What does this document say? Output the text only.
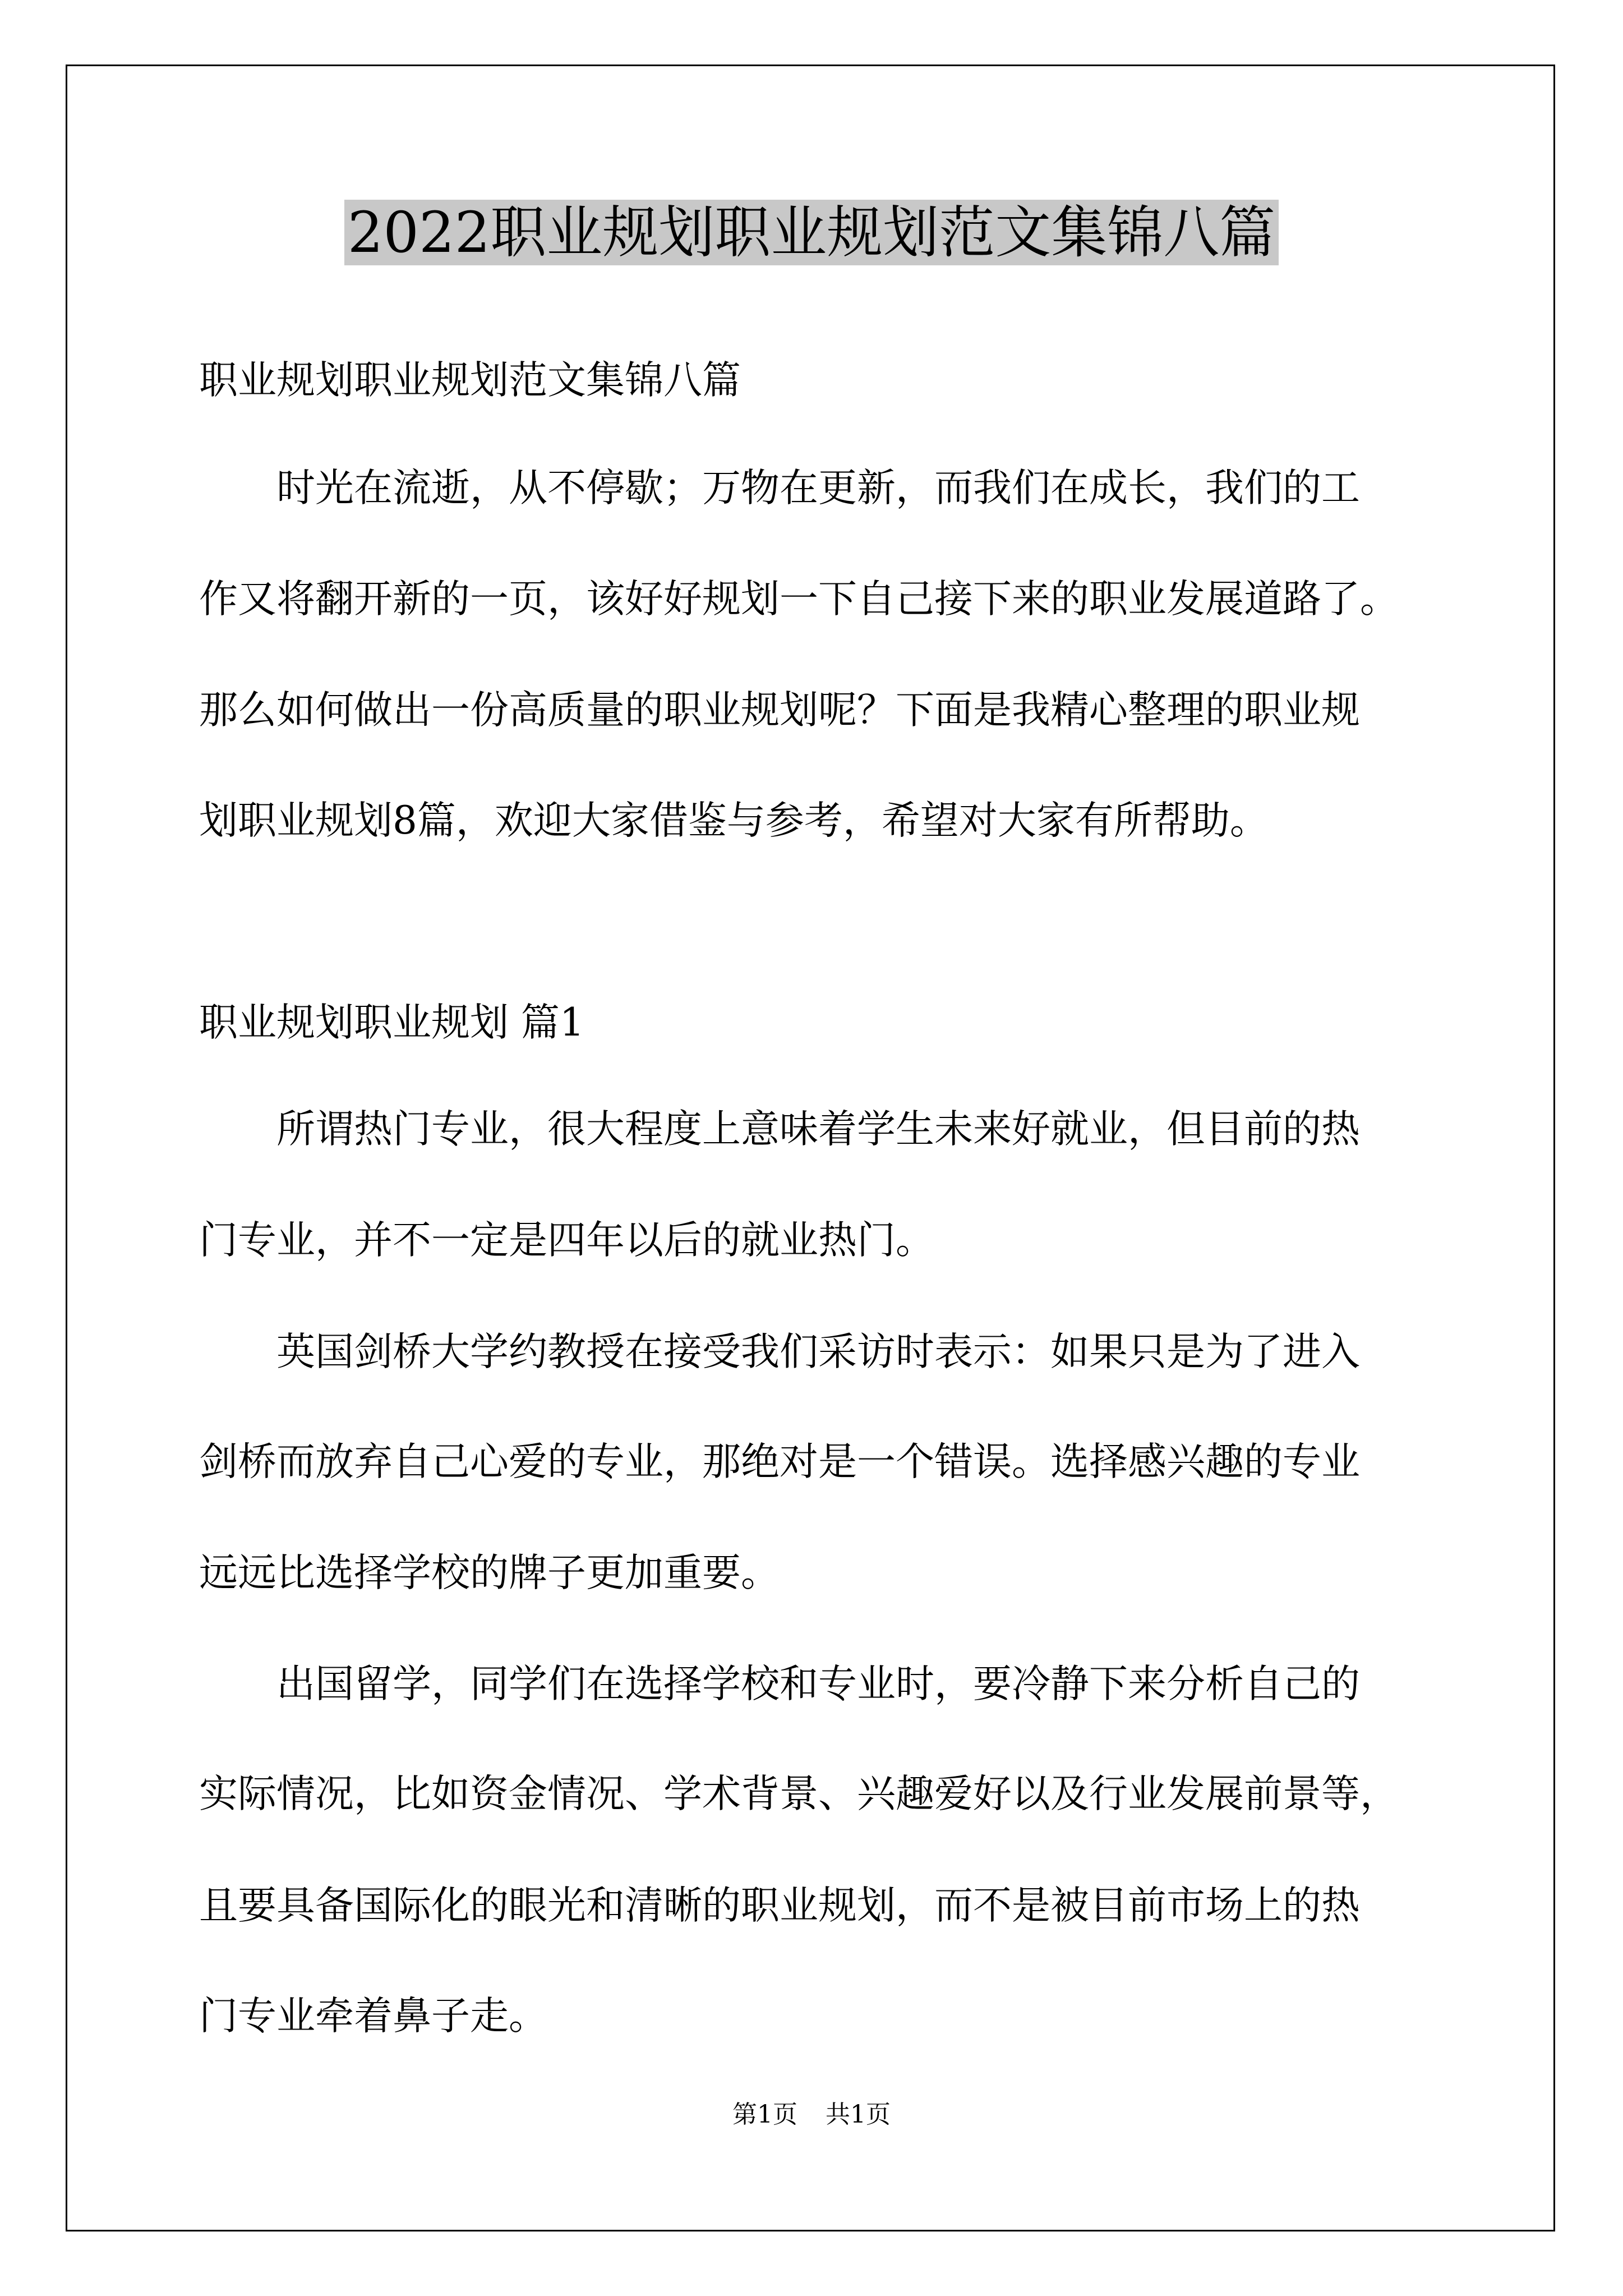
2022职业规划职业规划范文集锦八篇
职业规划职业规划范文集锦八篇
时光在流逝，从不停歇；万物在更新，而我们在成长，我们的工
作又将翻开新的一页，该好好规划一下自己接下来的职业发展道路了。
那么如何做出一份高质量的职业规划呢？下面是我精心整理的职业规
划职业规划8篇，欢迎大家借鉴与参考，希望对大家有所帮助。
职业规划职业规划 篇1
所谓热门专业，很大程度上意味着学生未来好就业，但目前的热
门专业，并不一定是四年以后的就业热门。
英国剑桥大学约教授在接受我们采访时表示：如果只是为了进入
剑桥而放弃自己心爱的专业，那绝对是一个错误。选择感兴趣的专业
远远比选择学校的牌子更加重要。
出国留学，同学们在选择学校和专业时，要冷静下来分析自己的
实际情况，比如资金情况、学术背景、兴趣爱好以及行业发展前景等，
且要具备国际化的眼光和清晰的职业规划，而不是被目前市场上的热
门专业牵着鼻子走。
第1页 共1页
